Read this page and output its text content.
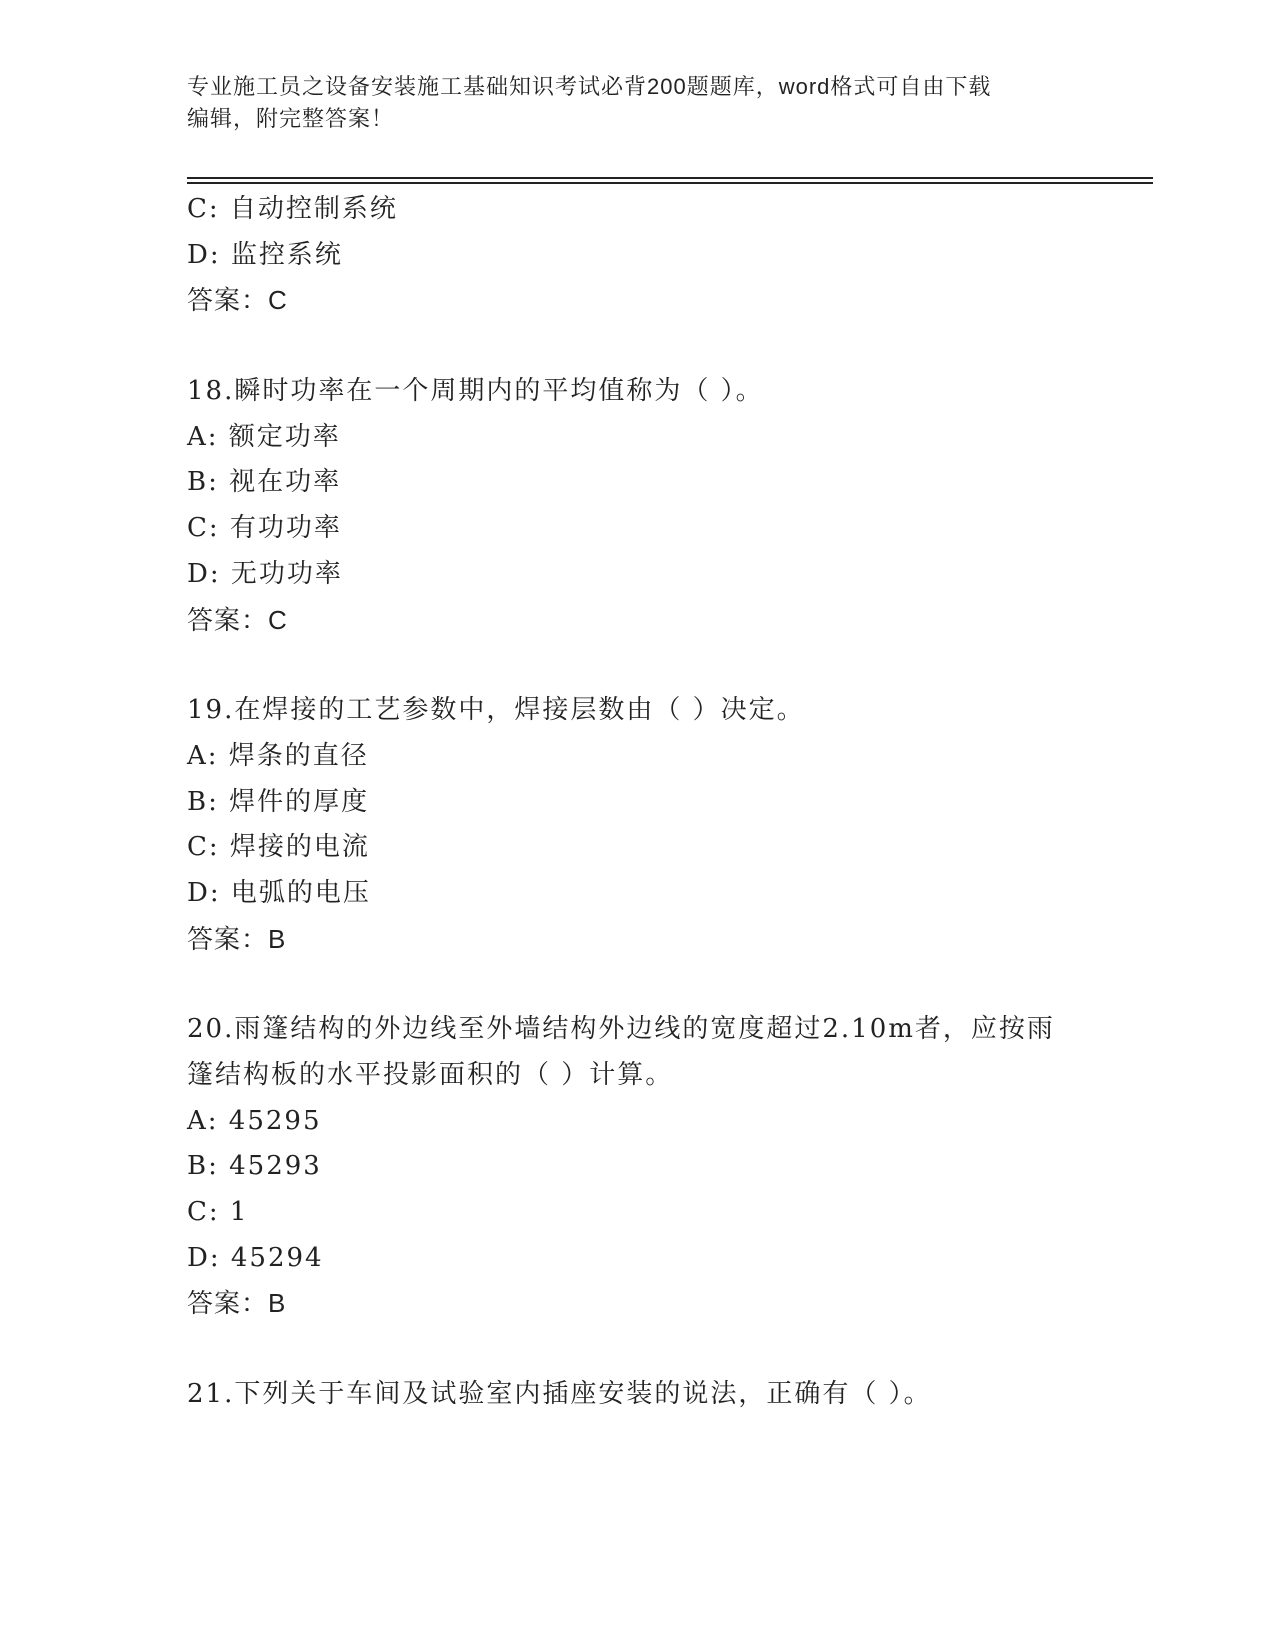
专业施工员之设备安装施工基础知识考试必背200题题库，word格式可自由下载
编辑，附完整答案！
C: 自动控制系统
D: 监控系统
答案：C
18.瞬时功率在一个周期内的平均值称为（ ）。
A: 额定功率
B: 视在功率
C: 有功功率
D: 无功功率
答案：C
19.在焊接的工艺参数中，焊接层数由（ ）决定。
A: 焊条的直径
B: 焊件的厚度
C: 焊接的电流
D: 电弧的电压
答案：B
20.雨篷结构的外边线至外墙结构外边线的宽度超过2.10m者，应按雨
篷结构板的水平投影面积的（ ）计算。
A: 45295
B: 45293
C: 1
D: 45294
答案：B
21.下列关于车间及试验室内插座安装的说法，正确有（ ）。
